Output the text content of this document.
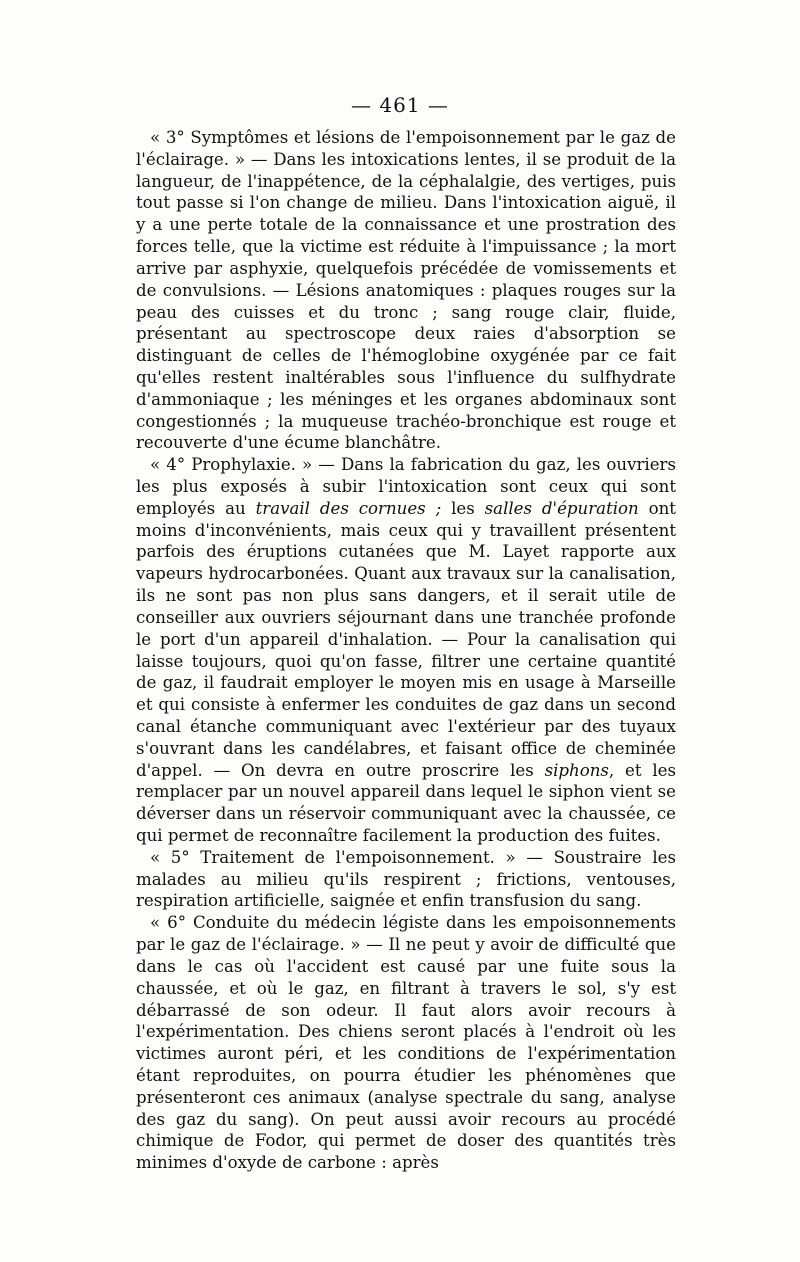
— 461 —

« 3° Symptômes et lésions de l'empoisonnement par le gaz de l'éclairage. » — Dans les intoxications lentes, il se produit de la langueur, de l'inappétence, de la céphalalgie, des vertiges, puis tout passe si l'on change de milieu. Dans l'intoxication aiguë, il y a une perte totale de la connaissance et une prostration des forces telle, que la victime est réduite à l'impuissance ; la mort arrive par asphyxie, quelquefois précédée de vomissements et de convulsions. — Lésions anatomiques : plaques rouges sur la peau des cuisses et du tronc ; sang rouge clair, fluide, présentant au spectroscope deux raies d'absorption se distinguant de celles de l'hémoglobine oxygénée par ce fait qu'elles restent inaltérables sous l'influence du sulfhydrate d'ammoniaque ; les méninges et les organes abdominaux sont congestionnés ; la muqueuse trachéo-bronchique est rouge et recouverte d'une écume blanchâtre.

« 4° Prophylaxie. » — Dans la fabrication du gaz, les ouvriers les plus exposés à subir l'intoxication sont ceux qui sont employés au travail des cornues ; les salles d'épuration ont moins d'inconvénients, mais ceux qui y travaillent présentent parfois des éruptions cutanées que M. Layet rapporte aux vapeurs hydrocarbonées. Quant aux travaux sur la canalisation, ils ne sont pas non plus sans dangers, et il serait utile de conseiller aux ouvriers séjournant dans une tranchée profonde le port d'un appareil d'inhalation. — Pour la canalisation qui laisse toujours, quoi qu'on fasse, filtrer une certaine quantité de gaz, il faudrait employer le moyen mis en usage à Marseille et qui consiste à enfermer les conduites de gaz dans un second canal étanche communiquant avec l'extérieur par des tuyaux s'ouvrant dans les candélabres, et faisant office de cheminée d'appel. — On devra en outre proscrire les siphons, et les remplacer par un nouvel appareil dans lequel le siphon vient se déverser dans un réservoir communiquant avec la chaussée, ce qui permet de reconnaître facilement la production des fuites.

« 5° Traitement de l'empoisonnement. » — Soustraire les malades au milieu qu'ils respirent ; frictions, ventouses, respiration artificielle, saignée et enfin transfusion du sang.

« 6° Conduite du médecin légiste dans les empoisonnements par le gaz de l'éclairage. » — Il ne peut y avoir de difficulté que dans le cas où l'accident est causé par une fuite sous la chaussée, et où le gaz, en filtrant à travers le sol, s'y est débarrassé de son odeur. Il faut alors avoir recours à l'expérimentation. Des chiens seront placés à l'endroit où les victimes auront péri, et les conditions de l'expérimentation étant reproduites, on pourra étudier les phénomènes que présenteront ces animaux (analyse spectrale du sang, analyse des gaz du sang). On peut aussi avoir recours au procédé chimique de Fodor, qui permet de doser des quantités très minimes d'oxyde de carbone : après
